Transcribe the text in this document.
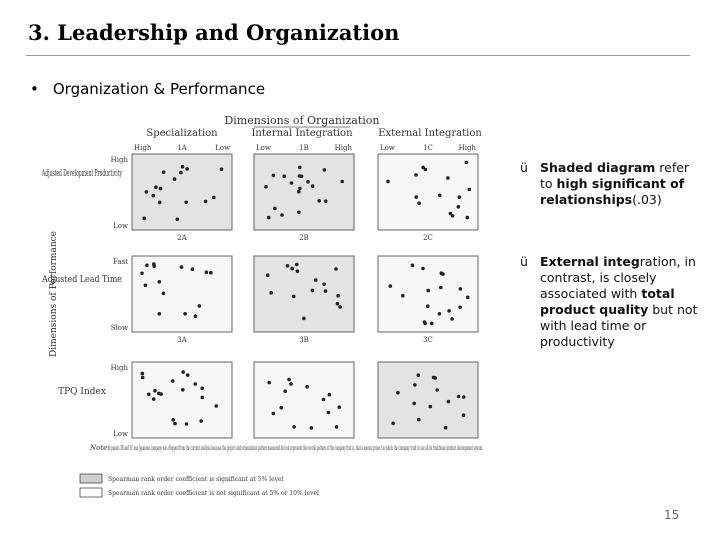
3. Leadership and Organization
• Organization & Performance
Dimensions of Organization
Specialization	Internal Integration	External Integration
Adjusted Development Productivity
Adjusted Lead Time
TPQ Index
Dimensions of Performance
High	1A	Low	Low	1B	High	Low	1C	High
High
Low
Fast
Slow
High
Low
2A	2B	2C
3A	3B	3C
Note:
In panels 3B and 3C one Japanese company was dropped from the current analysis because the project and organization pattern measured did not represent the overall pattern of the company that is, that a special project in which the company tried to use all its traditional product development system.
Spearman rank order coefficient is significant at 5% level
Spearman rank order coefficient is not significant at 5% or 10% level
ü Shaded diagram refer to high significant of relationships(.03)
ü External integration, in contrast, is closely associated with total product quality but not with lead time or productivity
15
